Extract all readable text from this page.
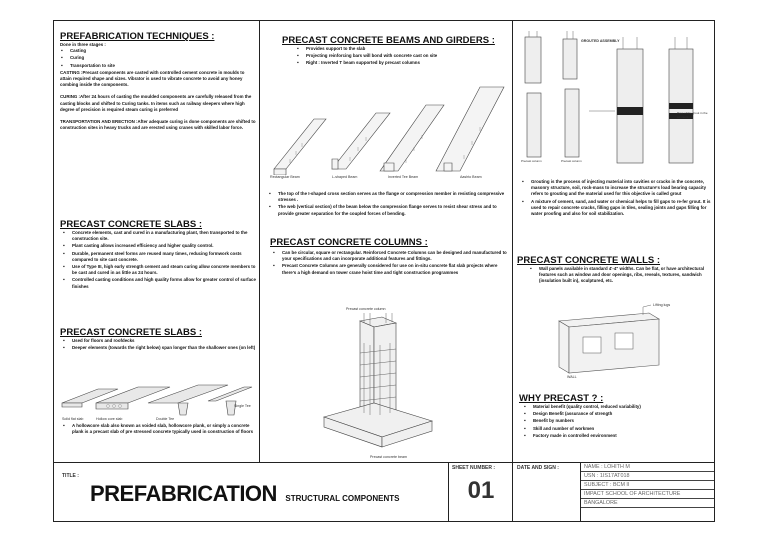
PREFABRICATION TECHNIQUES :
Done in three stages :
▪ Casting
▪ Curing
▪ Transportation to site
CASTING :Precast components are casted with controlled cement concrete in moulds to attain required shape and sizes. Vibrator is used to vibrate concrete to avoid any honey combing inside the components.
CURING :After 24 hours of casting the moulded components are carefully released from the casting blocks and shifted to Curing tanks. In items such as railway sleepers where high degree of precision is required steam curing is preferred
TRANSPORTATION AND ERECTION :After adequate curing is done components are shifted to construction sites in heavy trucks and are erected using cranes with skilled labor force.
PRECAST CONCRETE SLABS :
▪ Concrete elements, cast and cured in a manufacturing plant, then transported to the construction site.
▪ Plant casting allows increased efficiency and higher quality control.
▪ Durable, permanent steel forms are reused many times, reducing formwork costs compared to site cast concrete.
▪ Use of Type III, high early strength cement and steam curing allow concrete members to be cast and cured in as little as 24 hours.
▪ Controlled casting conditions and high quality forms allow for greater control of surface finishes
PRECAST CONCRETE SLABS :
▪ Used for floors and roofdecks
▪ Deeper elements (towards the right below) span longer than the shallower ones (on left)
Solid flat slab	Hollow core slab	Double Tee
Single Tee
▪ A hollowcore slab also known as voided slab, hollowcore plank, or simply a concrete plank is a precast slab of pre stressed concrete typically used in construction of floors
PRECAST CONCRETE BEAMS AND GIRDERS :
▪ Provides support to the slab
▪ Projecting reinforcing bars will bond with concrete cast on site
▪ Right : Inverted T beam supported by precast columns
Rectangular Beam	L-shaped Beam	Inverted Tee Beam	Aashto Beam
▪ The top of the I-shaped cross section serves as the flange or compression member in resisting compressive stresses .
▪ The web (vertical section) of the beam below the compression flange serves to resist shear stress and to provide greater separation for the coupled forces of bending.
PRECAST CONCRETE COLUMNS :
▪ Can be circular, square or rectangular. Reinforced Concrete Columns can be designed and manufactured to your specifications and can incorporate additional features and fittings.
▪ Precast Concrete Columns are generally considered for use on in-situ concrete flat slab projects where there's a high demand on tower crane hoist time and tight construction programmes
Precast concrete column
Precast concrete beam
GROUTED ASSEMBLY
Pour of the grout in the connection
Precast column	Precast column
▪ Grouting is the process of injecting material into cavities or cracks in the concrete, masonry structure, soil, rock-mass to increase the structure's load bearing capacity refers to grouting and the material used for this objective is called grout
▪ A mixture of cement, sand, and water or chemical helps to fill gaps to re-fer grout. It is used to repair concrete cracks, filling gaps in tiles, sealing joints and gaps filling for water proofing and also for soil stabilization.
PRECAST CONCRETE WALLS :
▪ Wall panels available in standard 4'-4" widths. Can be flat, or have architectural features such as window and door openings, ribs, reveals, textures, sandwich (insulation built in), sculptured, etc.
Lifting lugs
WALL
WHY PRECAST ? :
▪ Material benefit (quality control, reduced variability)
▪ Design Benefit (assurance of strength
▪ Benefit by numbers
▪ Skill and number of workmen
▪ Factory made in controlled environment
TITLE :
PREFABRICATION STRUCTURAL COMPONENTS
SHEET NUMBER :
01
DATE AND SIGN :	NAME : LOHITH M
USN : 1IS17AT018
SUBJECT : BCM II
IMPACT SCHOOL OF ARCHITECTURE
BANGALORE
